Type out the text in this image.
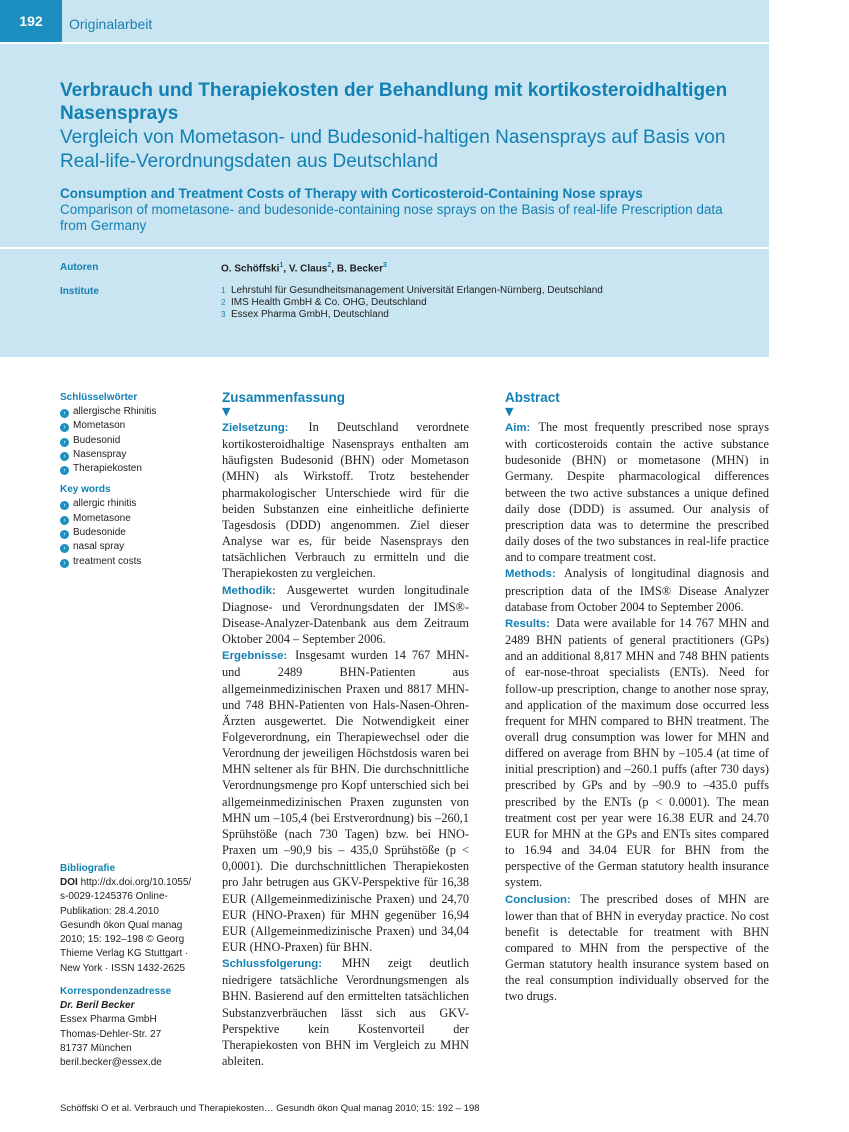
192	Originalarbeit
Verbrauch und Therapiekosten der Behandlung mit kortikosteroidhaltigen Nasensprays
Vergleich von Mometason- und Budesonid-haltigen Nasensprays auf Basis von Real-life-Verordnungsdaten aus Deutschland
Consumption and Treatment Costs of Therapy with Corticosteroid-Containing Nose sprays
Comparison of mometasone- and budesonide-containing nose sprays on the Basis of real-life Prescription data from Germany
Autoren	O. Schöffski$^1$, V. Claus$^2$, B. Becker$^3$
Institute	1 Lehrstuhl für Gesundheitsmanagement Universität Erlangen-Nürnberg, Deutschland
2 IMS Health GmbH & Co. OHG, Deutschland
3 Essex Pharma GmbH, Deutschland
Schlüsselwörter
› allergische Rhinitis
› Mometason
› Budesonid
› Nasenspray
› Therapiekosten
Key words
› allergic rhinitis
› Mometasone
› Budesonide
› nasal spray
› treatment costs
Bibliografie
DOI http://dx.doi.org/10.1055/
s-0029-1245376 Online-
Publikation: 28.4.2010
Gesundh ökon Qual manag
2010; 15: 192–198 © Georg
Thieme Verlag KG Stuttgart ·
New York · ISSN 1432-2625
Korrespondenzadresse
Dr. Beril Becker
Essex Pharma GmbH
Thomas-Dehler-Str. 27
81737 München
beril.becker@essex.de
Zusammenfassung
▼

Zielsetzung: In Deutschland verordnete kortikosteroidhaltige Nasensprays enthalten am häufigsten Budesonid (BHN) oder Mometason (MHN) als Wirkstoff. Trotz bestehender pharmakologischer Unterschiede wird für die beiden Substanzen eine einheitliche definierte Tagesdosis (DDD) angenommen. Ziel dieser Analyse war es, für beide Nasensprays den tatsächlichen Verbrauch zu ermitteln und die Therapiekosten zu vergleichen.

Methodik: Ausgewertet wurden longitudinale Diagnose- und Verordnungsdaten der IMS®-Disease-Analyzer-Datenbank aus dem Zeitraum Oktober 2004 – September 2006.

Ergebnisse: Insgesamt wurden 14 767 MHN- und 2489 BHN-Patienten aus allgemeinmedizinischen Praxen und 8817 MHN- und 748 BHN-Patienten von Hals-Nasen-Ohren-Ärzten ausgewertet. Die Notwendigkeit einer Folgeverordnung, ein Therapiewechsel oder die Verordnung der jeweiligen Höchstdosis waren bei MHN seltener als für BHN. Die durchschnittliche Verordnungsmenge pro Kopf unterschied sich bei allgemeinmedizinischen Praxen zugunsten von MHN um –105,4 (bei Erstverordnung) bis –260,1 Sprühstöße (nach 730 Tagen) bzw. bei HNO-Praxen um –90,9 bis – 435,0 Sprühstöße (p < 0,0001). Die durchschnittlichen Therapiekosten pro Jahr betrugen aus GKV-Perspektive für 16,38 EUR (Allgemeinmedizinische Praxen) und 24,70 EUR (HNO-Praxen) für MHN gegenüber 16,94 EUR (Allgemeinmedizinische Praxen) und 34,04 EUR (HNO-Praxen) für BHN.

Schlussfolgerung: MHN zeigt deutlich niedrigere tatsächliche Verordnungsmengen als BHN. Basierend auf den ermittelten tatsächlichen Substanzverbräuchen lässt sich aus GKV-Perspektive kein Kostenvorteil der Therapiekosten von BHN im Vergleich zu MHN ableiten.

Abstract
▼

Aim: The most frequently prescribed nose sprays with corticosteroids contain the active substance budesonide (BHN) or mometasone (MHN) in Germany. Despite pharmacological differences between the two active substances a unique defined daily dose (DDD) is assumed. Our analysis of prescription data was to determine the prescribed daily doses of the two substances in real-life practice and to compare treatment cost.

Methods: Analysis of longitudinal diagnosis and prescription data of the IMS® Disease Analyzer database from October 2004 to September 2006.

Results: Data were available for 14 767 MHN and 2489 BHN patients of general practitioners (GPs) and an additional 8,817 MHN and 748 BHN patients of ear-nose-throat specialists (ENTs). Need for follow-up prescription, change to another nose spray, and application of the maximum dose occurred less frequent for MHN compared to BHN treatment. The overall drug consumption was lower for MHN and differed on average from BHN by –105.4 (at time of initial prescription) and –260.1 puffs (after 730 days) prescribed by GPs and by –90.9 to –435.0 puffs prescribed by the ENTs (p < 0.0001). The mean treatment cost per year were 16.38 EUR and 24.70 EUR for MHN at the GPs and ENTs sites compared to 16.94 and 34.04 EUR for BHN from the perspective of the German statutory health insurance system.

Conclusion: The prescribed doses of MHN are lower than that of BHN in everyday practice. No cost benefit is detectable for treatment with BHN compared to MHN from the perspective of the German statutory health insurance system based on the real consumption individually observed for the two drugs.

Schöffski O et al. Verbrauch und Therapiekosten… Gesundh ökon Qual manag 2010; 15: 192 – 198
